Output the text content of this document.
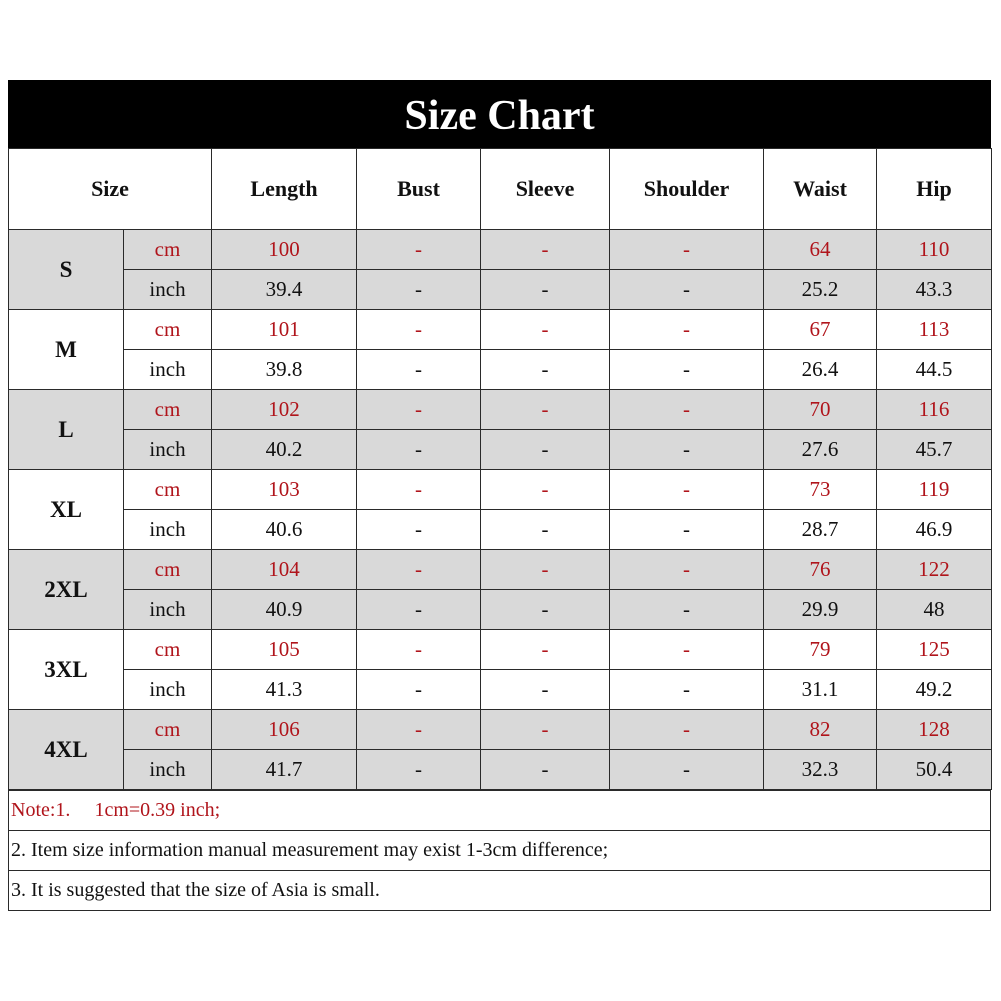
Size Chart
Size		Length	Bust	Sleeve	Shoulder	Waist	Hip
S	cm	100	-	-	-	64	110
	inch	39.4	-	-	-	25.2	43.3
M	cm	101	-	-	-	67	113
	inch	39.8	-	-	-	26.4	44.5
L	cm	102	-	-	-	70	116
	inch	40.2	-	-	-	27.6	45.7
XL	cm	103	-	-	-	73	119
	inch	40.6	-	-	-	28.7	46.9
2XL	cm	104	-	-	-	76	122
	inch	40.9	-	-	-	29.9	48
3XL	cm	105	-	-	-	79	125
	inch	41.3	-	-	-	31.1	49.2
4XL	cm	106	-	-	-	82	128
	inch	41.7	-	-	-	32.3	50.4
Note:1. 1cm=0.39 inch;
2. Item size information manual measurement may exist 1-3cm difference;
3. It is suggested that the size of Asia is small.
